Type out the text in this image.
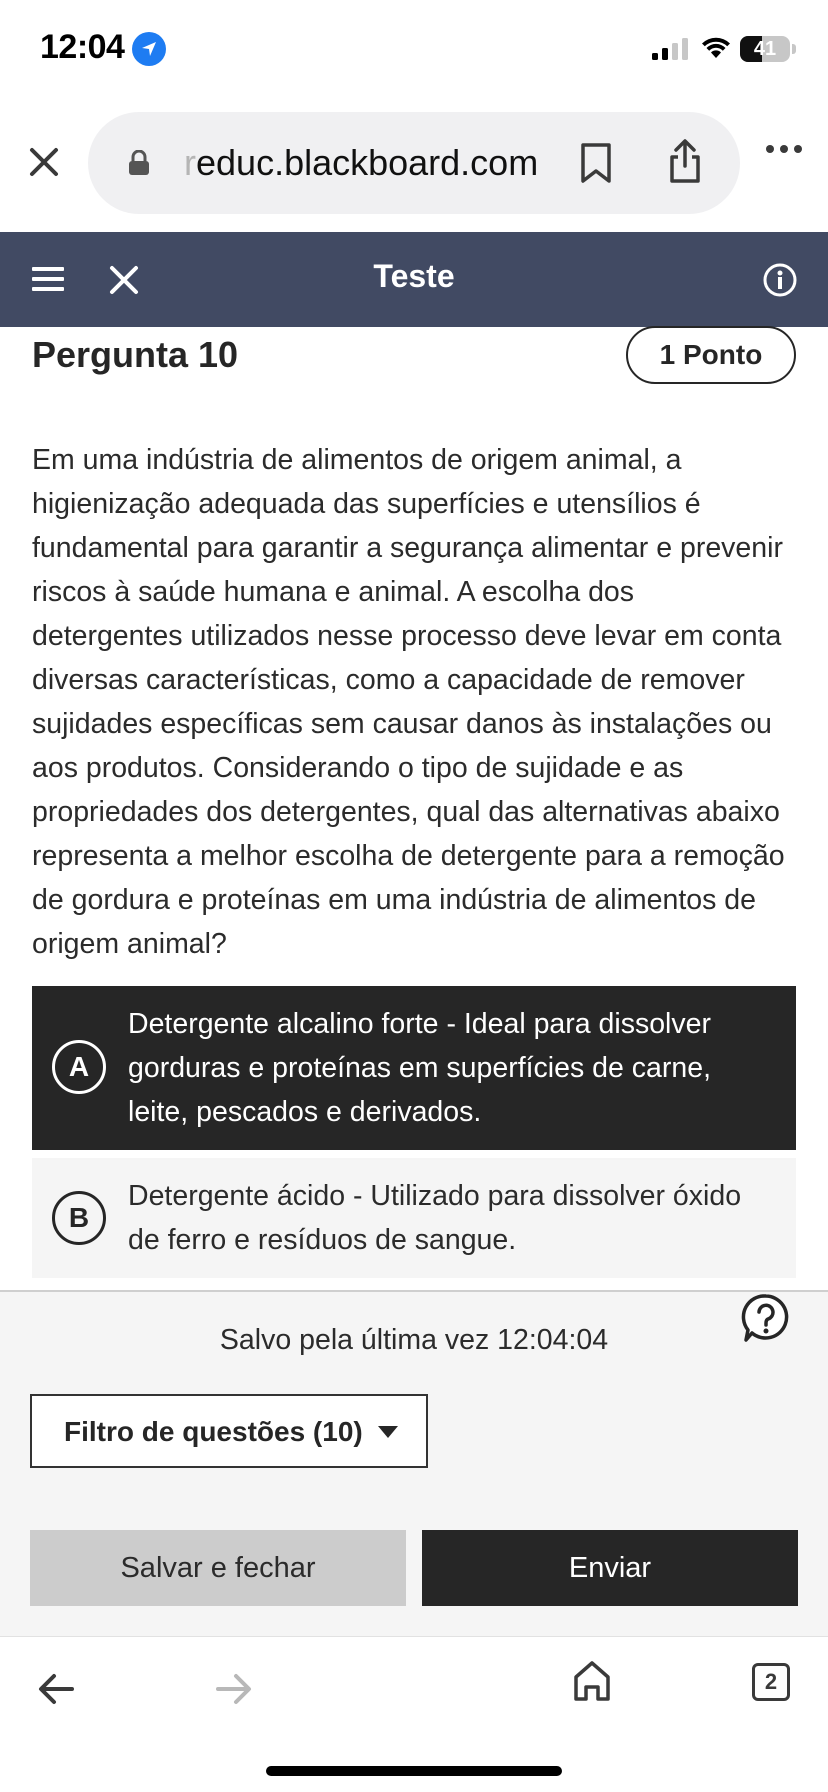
12:04	41
reduc.blackboard.com
Teste
Pergunta 10	1 Ponto
Em uma indústria de alimentos de origem animal, a higienização adequada das superfícies e utensílios é fundamental para garantir a segurança alimentar e prevenir riscos à saúde humana e animal. A escolha dos detergentes utilizados nesse processo deve levar em conta diversas características, como a capacidade de remover sujidades específicas sem causar danos às instalações ou aos produtos. Considerando o tipo de sujidade e as propriedades dos detergentes, qual das alternativas abaixo representa a melhor escolha de detergente para a remoção de gordura e proteínas em uma indústria de alimentos de origem animal?
A
Detergente alcalino forte - Ideal para dissolver gorduras e proteínas em superfícies de carne, leite, pescados e derivados.
B
Detergente ácido - Utilizado para dissolver óxido de ferro e resíduos de sangue.
Salvo pela última vez 12:04:04
Filtro de questões (10)
Salvar e fechar	Enviar
2
